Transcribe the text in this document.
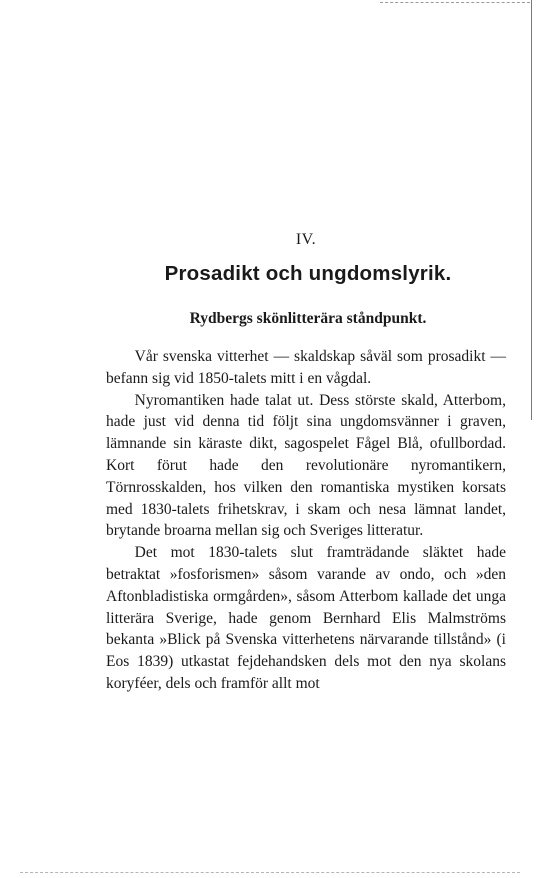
IV.
Prosadikt och ungdomslyrik.
Rydbergs skönlitterära ståndpunkt.

Vår svenska vitterhet — skaldskap såväl som prosadikt — befann sig vid 1850-talets mitt i en vågdal.

Nyromantiken hade talat ut. Dess störste skald, Atterbom, hade just vid denna tid följt sina ungdomsvänner i graven, lämnande sin käraste dikt, sagospelet Fågel Blå, ofullbordad. Kort förut hade den revolutionäre nyromantikern, Törnrosskalden, hos vilken den romantiska mystiken korsats med 1830-talets frihetskrav, i skam och nesa lämnat landet, brytande broarna mellan sig och Sveriges litteratur.

Det mot 1830-talets slut framträdande släktet hade betraktat »fosforismen» såsom varande av ondo, och »den Aftonbladistiska ormgården», såsom Atterbom kallade det unga litterära Sverige, hade genom Bernhard Elis Malmströms bekanta »Blick på Svenska vitterhetens närvarande tillstånd» (i Eos 1839) utkastat fejdehandsken dels mot den nya skolans koryféer, dels och framför allt mot
